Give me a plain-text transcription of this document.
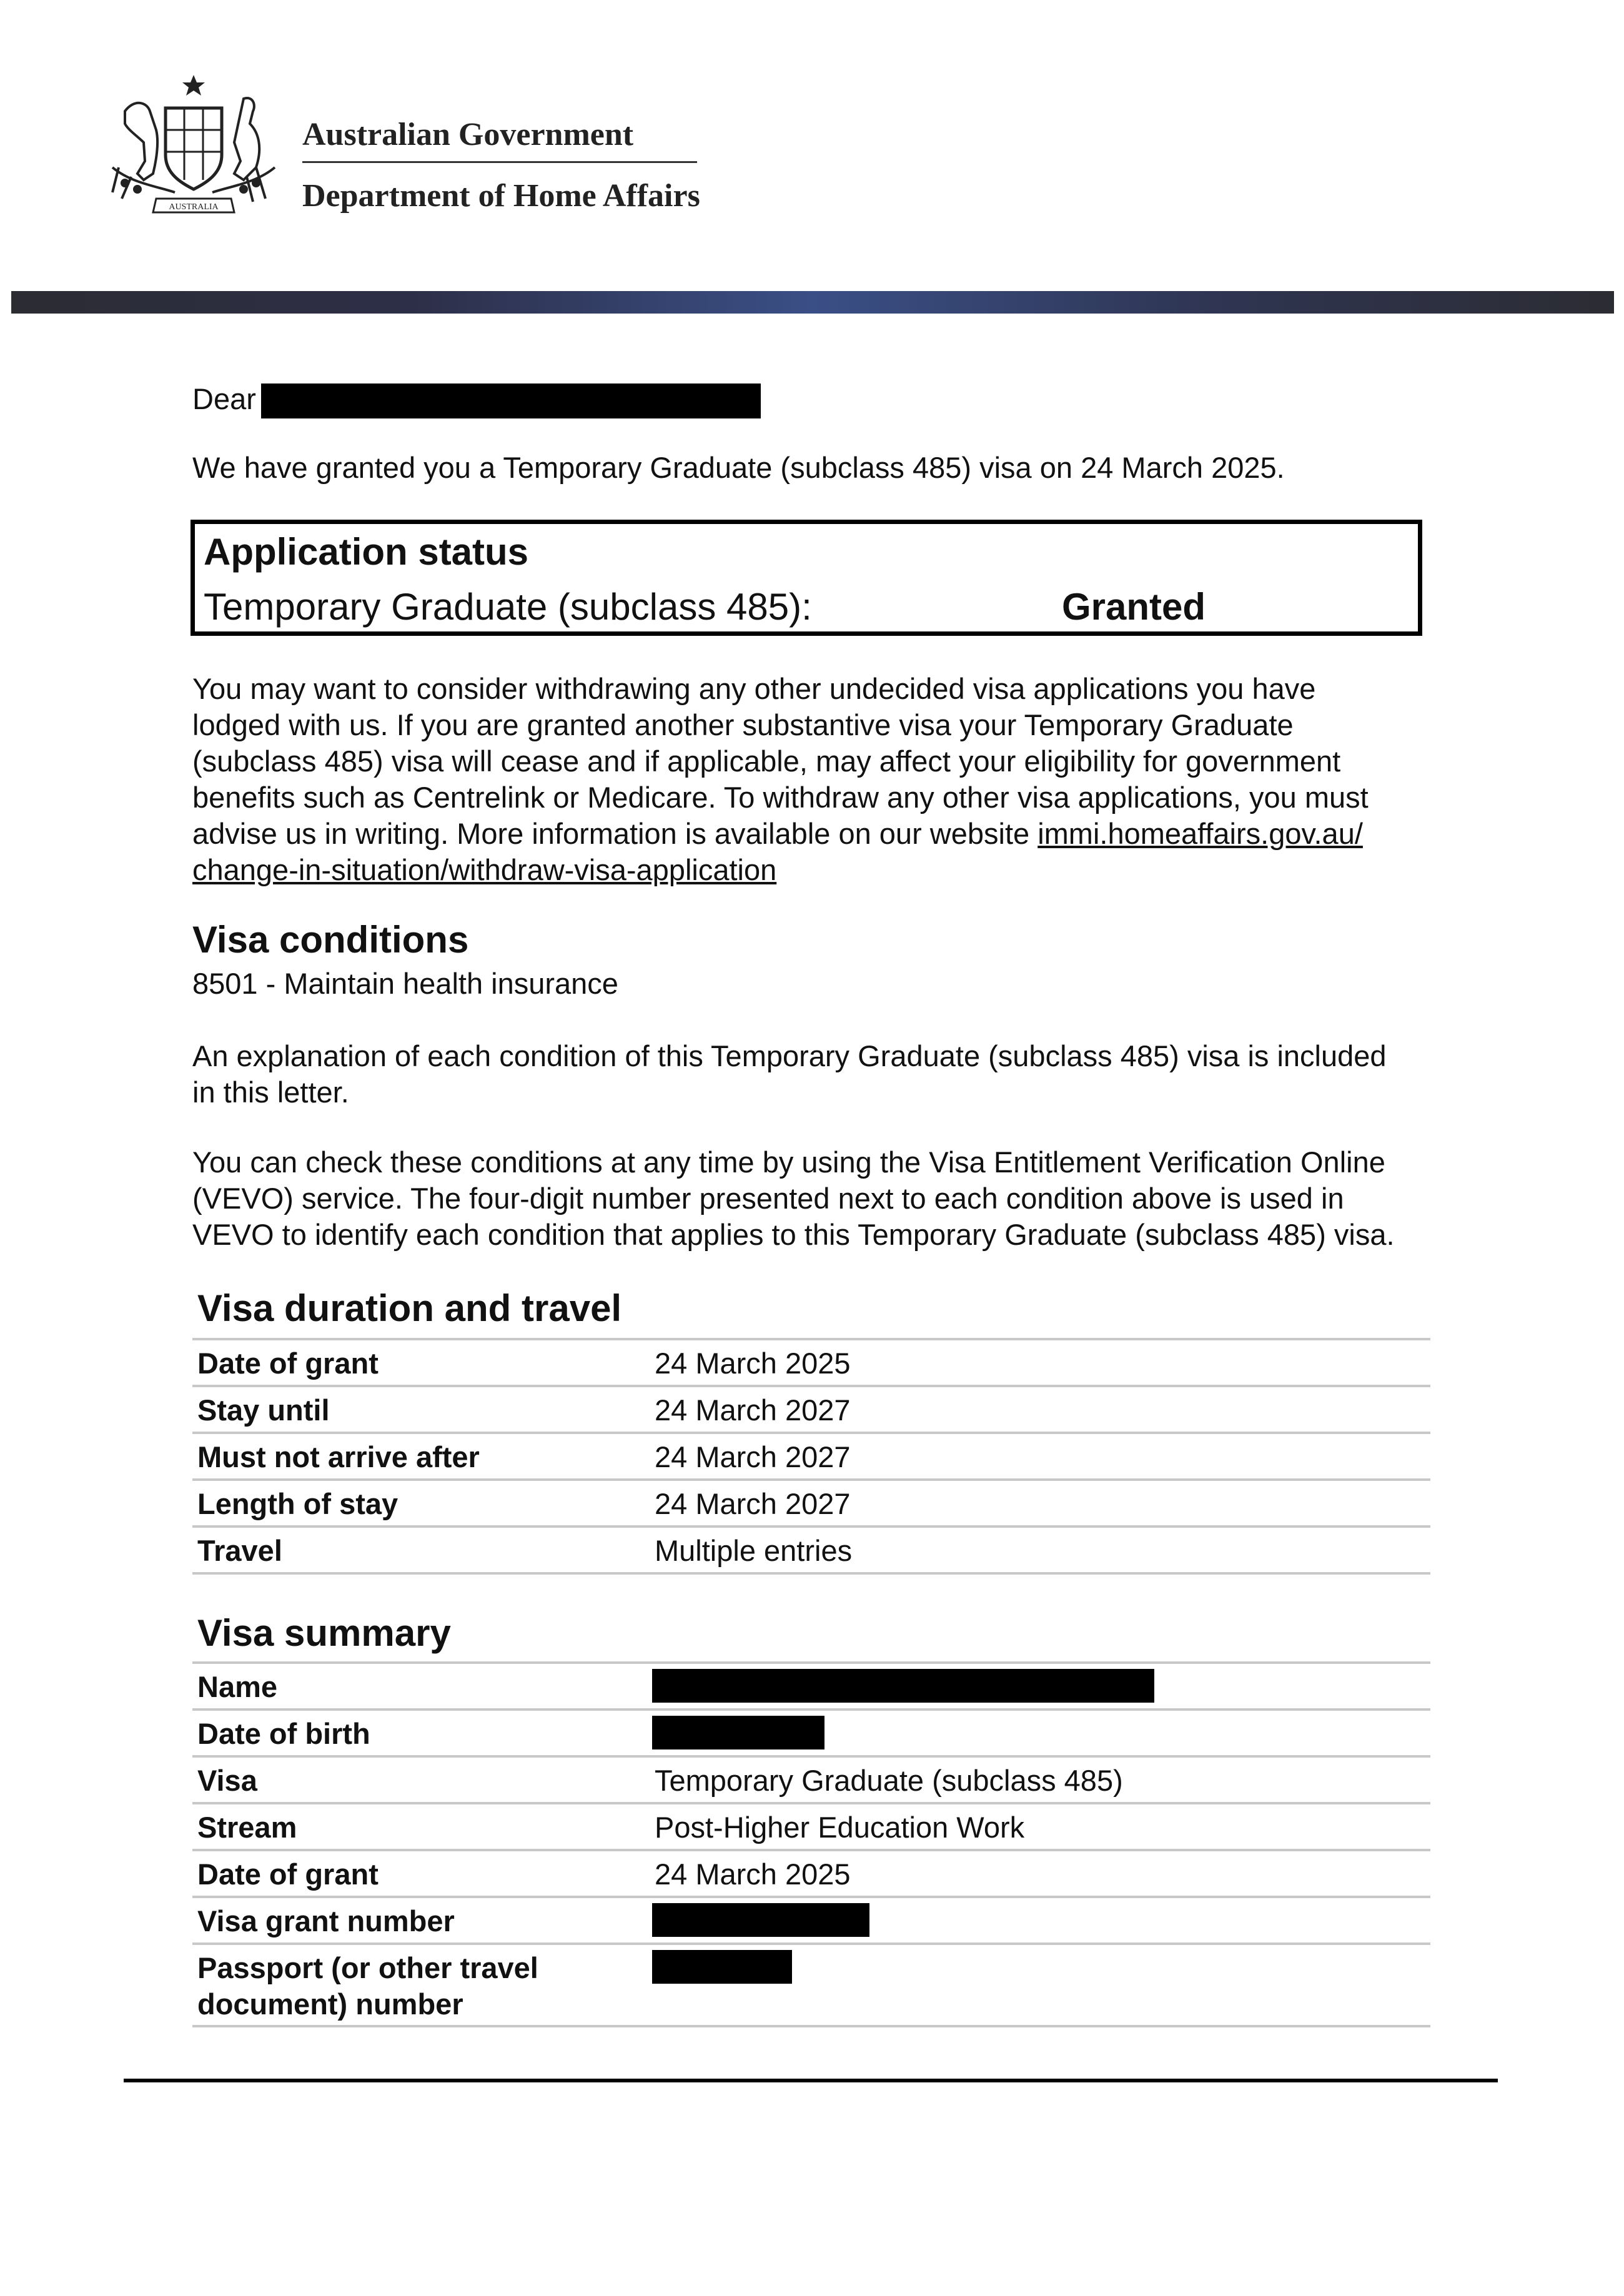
AUSTRALIA
Australian Government
Department of Home Affairs
Dear
We have granted you a Temporary Graduate (subclass 485) visa on 24 March 2025.
Application status
Temporary Graduate (subclass 485):	Granted
You may want to consider withdrawing any other undecided visa applications you have
lodged with us. If you are granted another substantive visa your Temporary Graduate
(subclass 485) visa will cease and if applicable, may affect your eligibility for government
benefits such as Centrelink or Medicare. To withdraw any other visa applications, you must
advise us in writing. More information is available on our website immi.homeaffairs.gov.au/
change-in-situation/withdraw-visa-application
Visa conditions
8501 - Maintain health insurance
An explanation of each condition of this Temporary Graduate (subclass 485) visa is included
in this letter.
You can check these conditions at any time by using the Visa Entitlement Verification Online
(VEVO) service. The four-digit number presented next to each condition above is used in
VEVO to identify each condition that applies to this Temporary Graduate (subclass 485) visa.
Visa duration and travel
Date of grant	24 March 2025
Stay until	24 March 2027
Must not arrive after	24 March 2027
Length of stay	24 March 2027
Travel	Multiple entries
Visa summary
Name
Date of birth
Visa	Temporary Graduate (subclass 485)
Stream	Post-Higher Education Work
Date of grant	24 March 2025
Visa grant number
Passport (or other travel document) number
